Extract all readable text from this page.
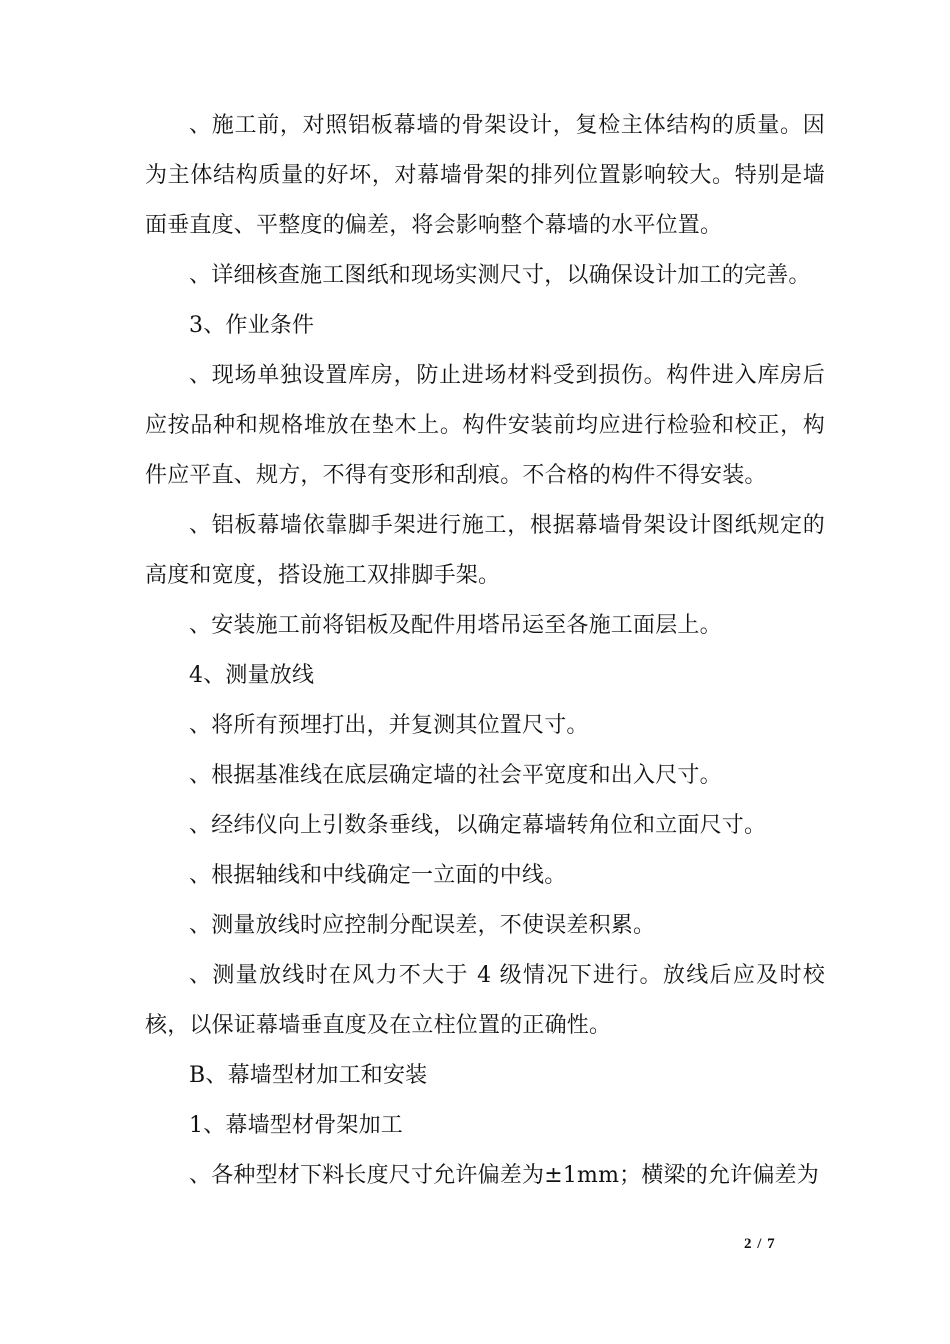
、施工前，对照铝板幕墙的骨架设计，复检主体结构的质量。因为主体结构质量的好坏，对幕墙骨架的排列位置影响较大。特别是墙面垂直度、平整度的偏差，将会影响整个幕墙的水平位置。

、详细核查施工图纸和现场实测尺寸，以确保设计加工的完善。

3、作业条件

、现场单独设置库房，防止进场材料受到损伤。构件进入库房后应按品种和规格堆放在垫木上。构件安装前均应进行检验和校正，构件应平直、规方，不得有变形和刮痕。不合格的构件不得安装。

、铝板幕墙依靠脚手架进行施工，根据幕墙骨架设计图纸规定的高度和宽度，搭设施工双排脚手架。

、安装施工前将铝板及配件用塔吊运至各施工面层上。

4、测量放线

、将所有预埋打出，并复测其位置尺寸。

、根据基准线在底层确定墙的社会平宽度和出入尺寸。

、经纬仪向上引数条垂线，以确定幕墙转角位和立面尺寸。

、根据轴线和中线确定一立面的中线。

、测量放线时应控制分配误差，不使误差积累。

、测量放线时在风力不大于 4 级情况下进行。放线后应及时校核，以保证幕墙垂直度及在立柱位置的正确性。

B、幕墙型材加工和安装

1、幕墙型材骨架加工

、各种型材下料长度尺寸允许偏差为±1mm；横梁的允许偏差为

2 / 7
